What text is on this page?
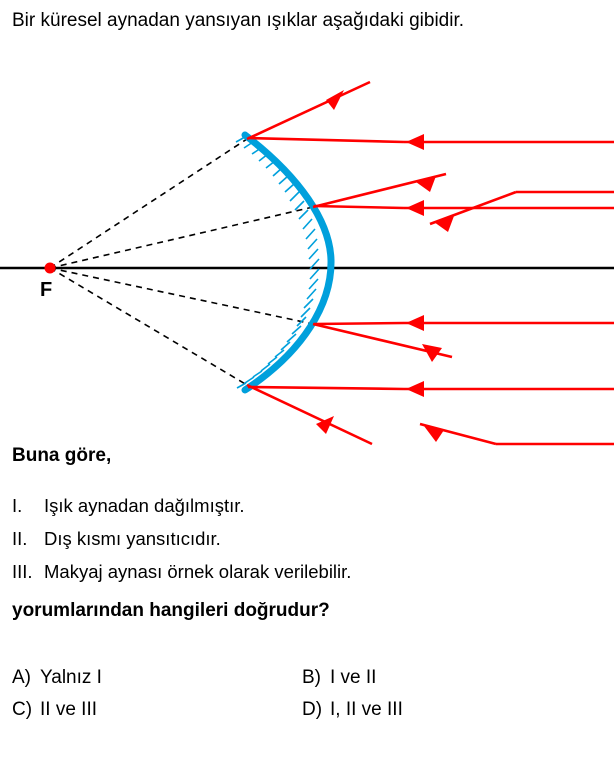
Bir küresel aynadan yansıyan ışıklar aşağıdaki gibidir.
F
Buna göre,
I.	Işık aynadan dağılmıştır.
II. Dış kısmı yansıtıcıdır.
III. Makyaj aynası örnek olarak verilebilir.
yorumlarından hangileri doğrudur?
A) Yalnız I	B) I ve II
C) II ve III	D) I, II ve III
